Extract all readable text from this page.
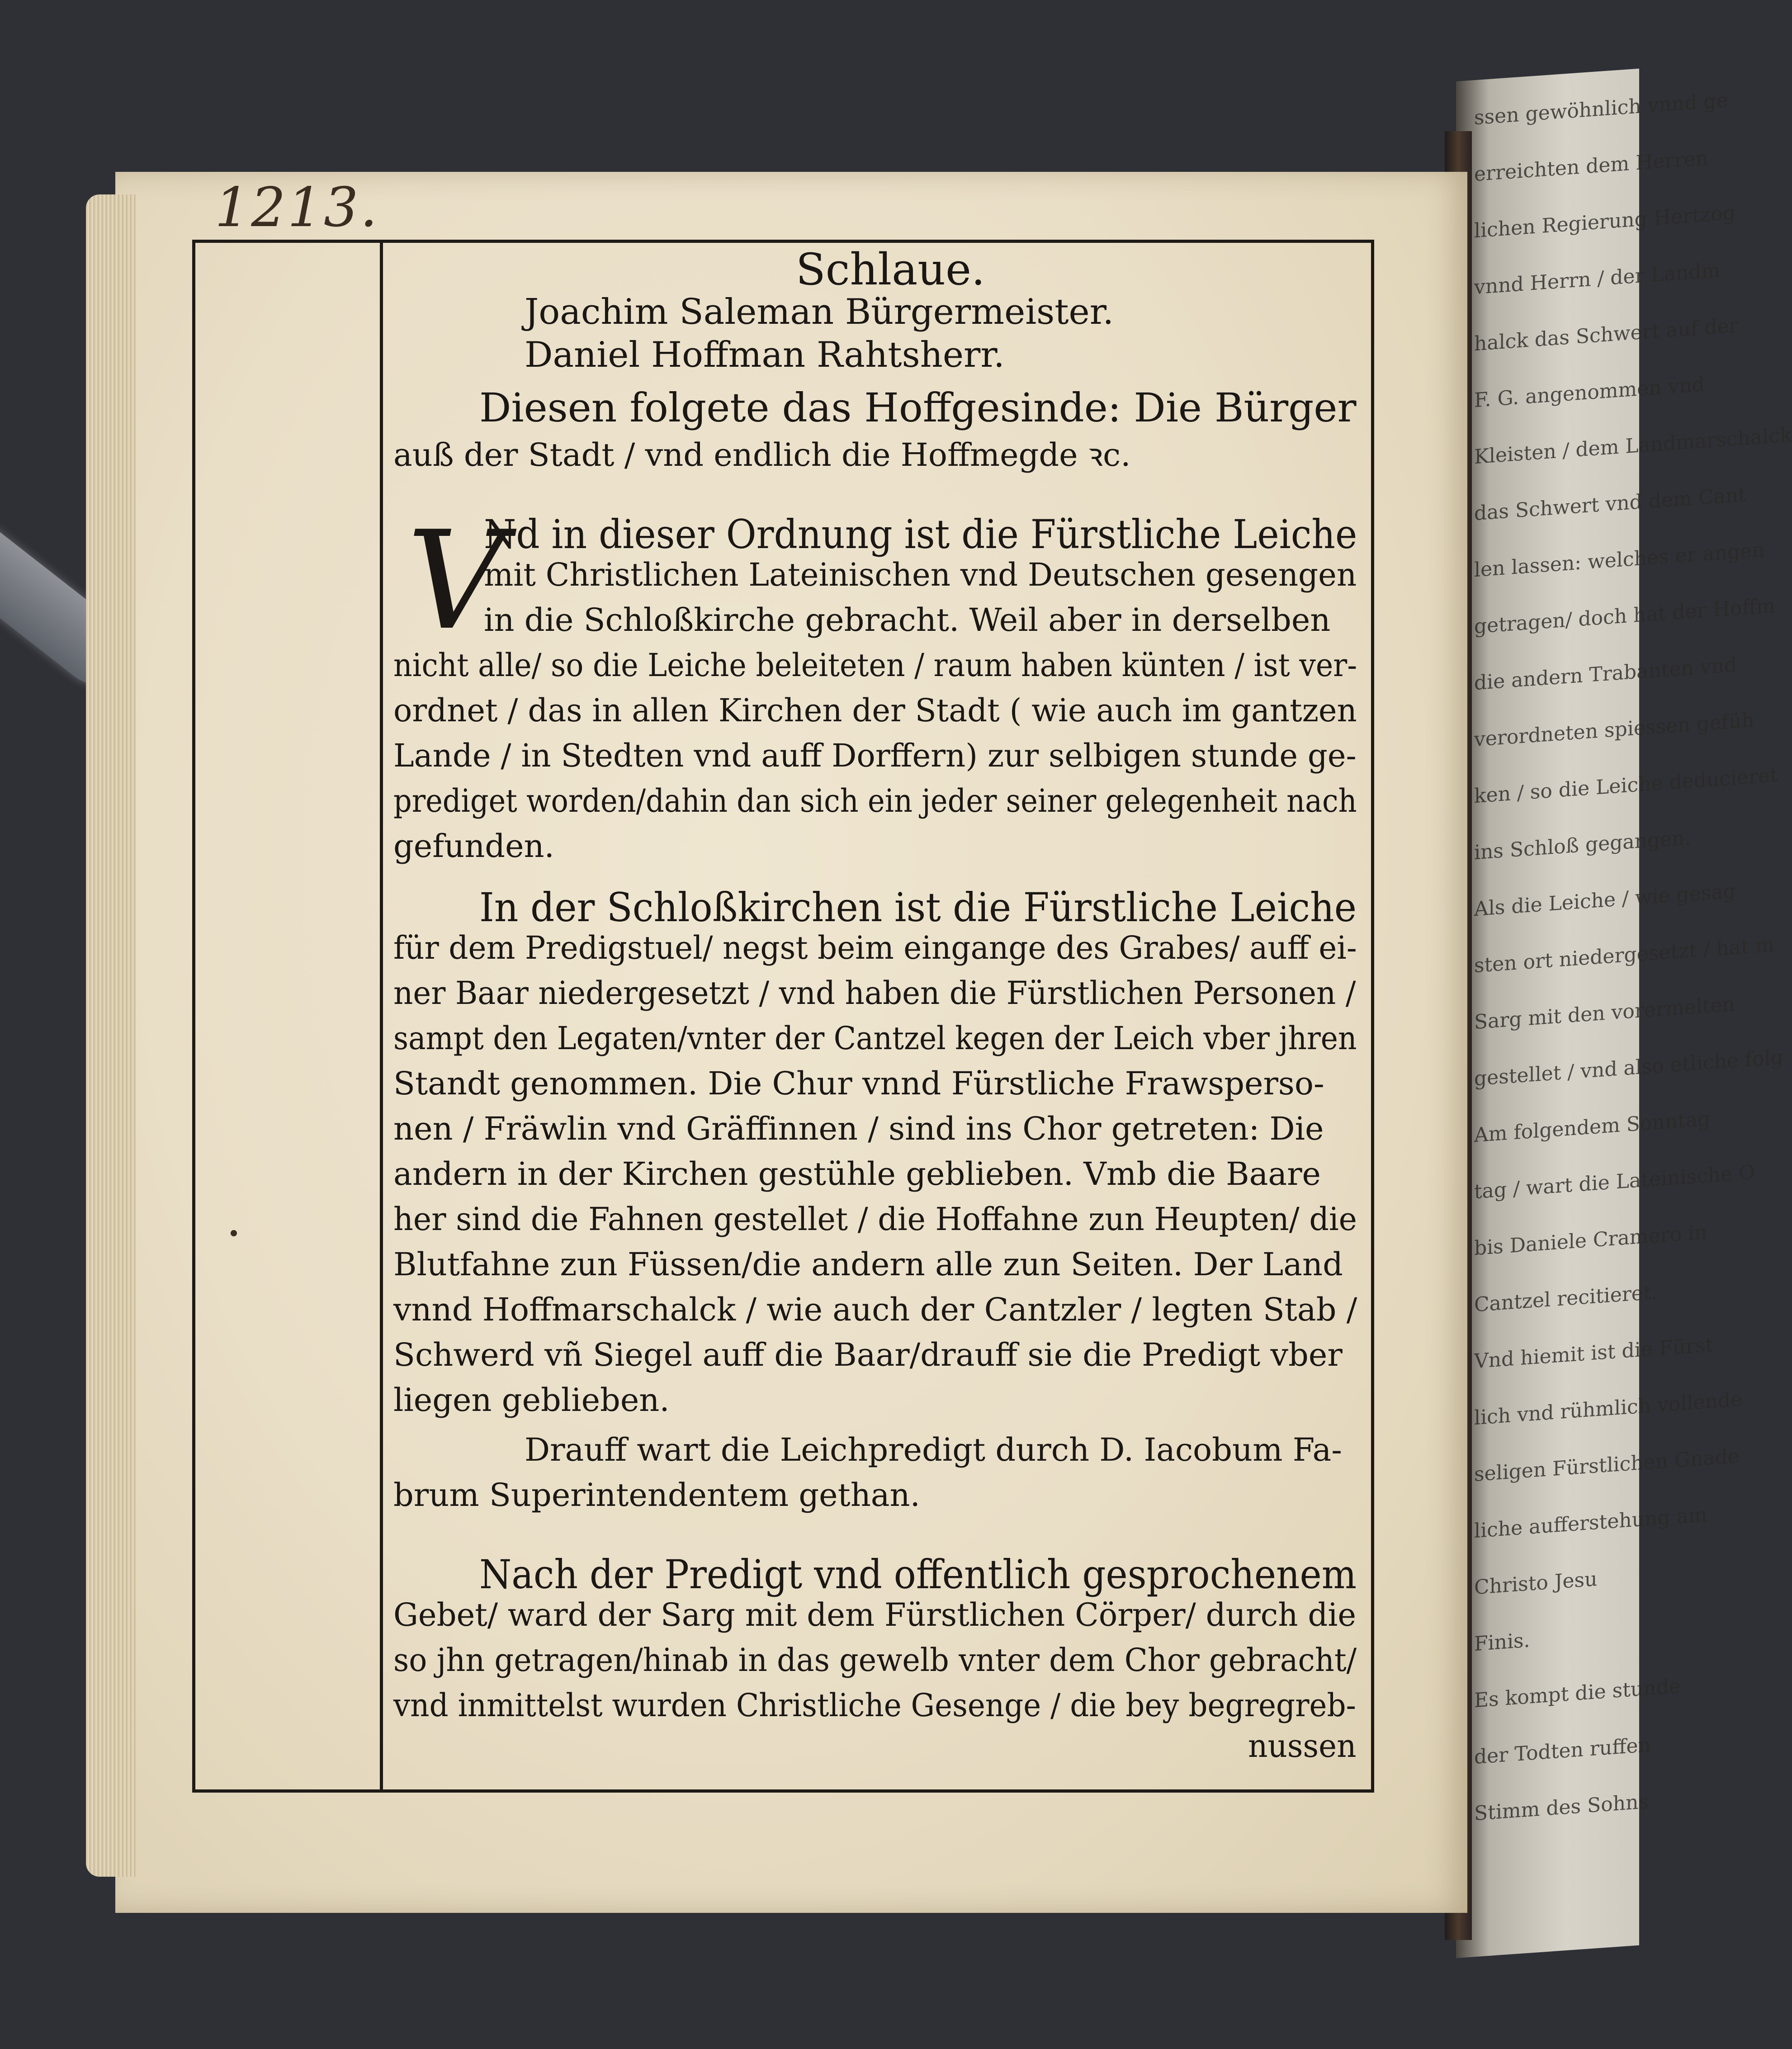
ssen gewöhnlich vnnd ge
erreichten dem Herren
lichen Regierung Hertzog
vnnd Herrn / der Landm
halck das Schwert auf der
F. G. angenommen vnd
Kleisten / dem Landmarschalck
das Schwert vnd dem Cant
len lassen: welches er angen
getragen/ doch hat der Hoffm
die andern Trabanten vnd
verordneten spiessen gefüh
ken / so die Leiche deducieret
ins Schloß gegangen.
Als die Leiche / wie gesag
sten ort niedergesetzt / hat m
Sarg mit den vorermelten
gestellet / vnd also etliche folg
Am folgendem Sonntag
tag / wart die Lateinische O
bis Daniele Cramero in
Cantzel recitieret.
Vnd hiemit ist die Fürst
lich vnd rühmlich vollende
seligen Fürstlichen Gnade
liche aufferstehung am
Christo Jesu
Finis.
Es kompt die stunde
der Todten ruffen
Stimm des Sohns
1213.
Schlaue.
Joachim Saleman Bürgermeister.
Daniel Hoffman Rahtsherr.
Diesen folgete das Hoffgesinde: Die Bürger
auß der Stadt / vnd endlich die Hoffmegde ꝛc.
V
Nd in dieser Ordnung ist die Fürstliche Leiche
mit Christlichen Lateinischen vnd Deutschen gesengen
in die Schloßkirche gebracht. Weil aber in derselben
nicht alle/ so die Leiche beleiteten / raum haben künten / ist ver-
ordnet / das in allen Kirchen der Stadt ( wie auch im gantzen
Lande / in Stedten vnd auff Dorffern) zur selbigen stunde ge-
prediget worden/dahin dan sich ein jeder seiner gelegenheit nach
gefunden.
In der Schloßkirchen ist die Fürstliche Leiche
für dem Predigstuel/ negst beim eingange des Grabes/ auff ei-
ner Baar niedergesetzt / vnd haben die Fürstlichen Personen /
sampt den Legaten/vnter der Cantzel kegen der Leich vber jhren
Standt genommen. Die Chur vnnd Fürstliche Frawsperso-
nen / Fräwlin vnd Gräffinnen / sind ins Chor getreten: Die
andern in der Kirchen gestühle geblieben. Vmb die Baare
her sind die Fahnen gestellet / die Hoffahne zun Heupten/ die
Blutfahne zun Füssen/die andern alle zun Seiten. Der Land
vnnd Hoffmarschalck / wie auch der Cantzler / legten Stab /
Schwerd vñ Siegel auff die Baar/drauff sie die Predigt vber
liegen geblieben.
Drauff wart die Leichpredigt durch D. Iacobum Fa-
brum Superintendentem gethan.
Nach der Predigt vnd offentlich gesprochenem
Gebet/ ward der Sarg mit dem Fürstlichen Cörper/ durch die
so jhn getragen/hinab in das gewelb vnter dem Chor gebracht/
vnd inmittelst wurden Christliche Gesenge / die bey begregreb-
nussen
